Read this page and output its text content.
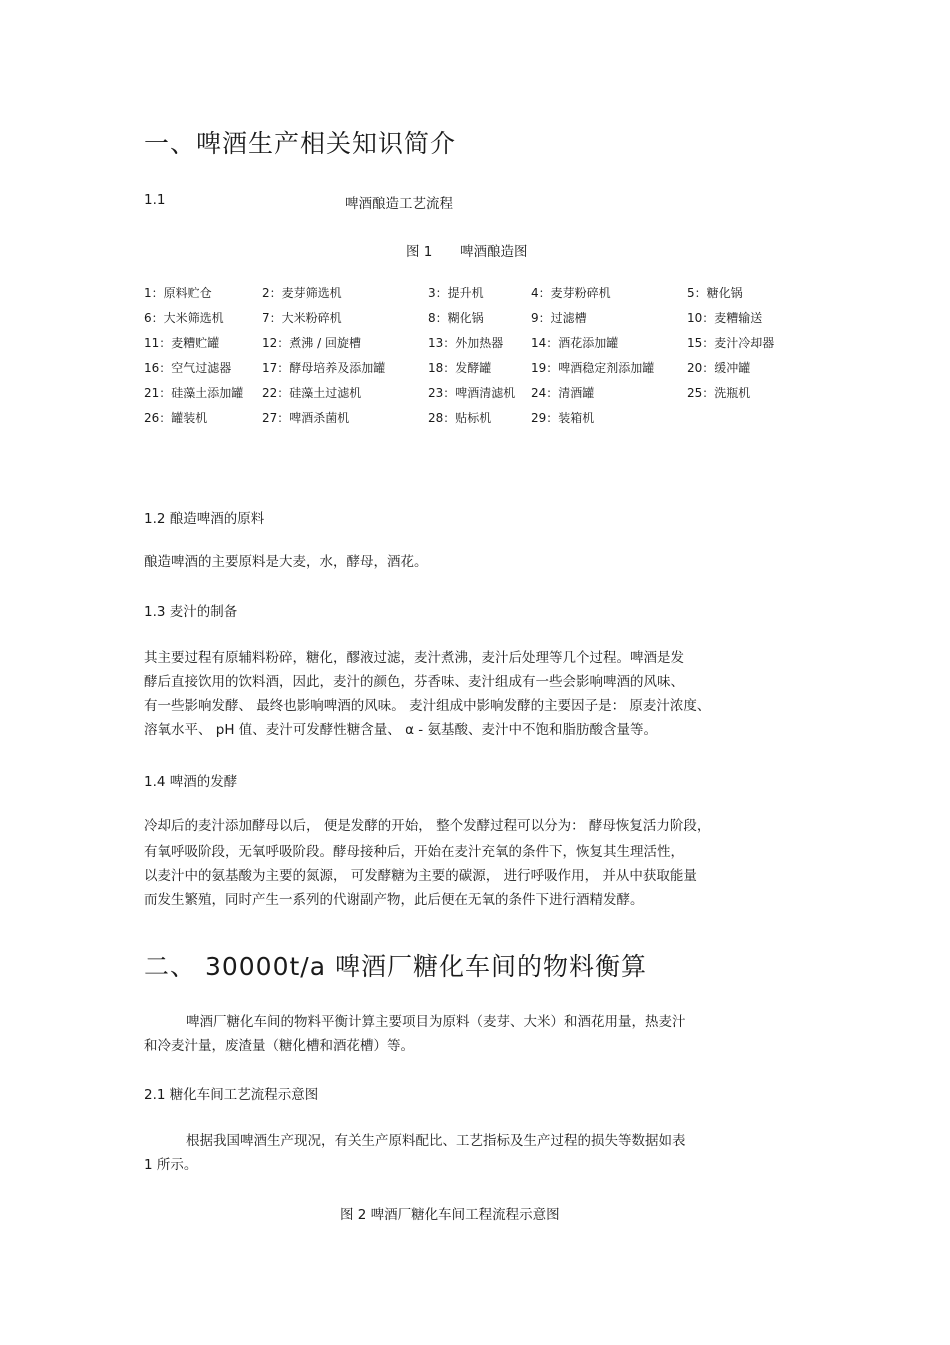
一、啤酒生产相关知识简介
1.1	啤酒酿造工艺流程
图 1 啤酒酿造图
1：原料贮仓	2：麦芽筛选机	3：提升机	4：麦芽粉碎机	5：糖化锅
6：大米筛选机	7：大米粉碎机	8：糊化锅	9：过滤槽	10：麦糟输送
11：麦糟贮罐	12：煮沸 / 回旋槽	13：外加热器 14：酒花添加罐	15：麦汁冷却器
16：空气过滤器	17：酵母培养及添加罐	18：发酵罐	19：啤酒稳定剂添加罐	20：缓冲罐
21：硅藻土添加罐 22：硅藻土过滤机	23：啤酒清滤机 24：清酒罐	25：洗瓶机
26：罐装机	27：啤酒杀菌机	28：贴标机	29：装箱机
1.2 酿造啤酒的原料
酿造啤酒的主要原料是大麦，水，酵母，酒花。
1.3 麦汁的制备
其主要过程有原辅料粉碎，糖化，醪液过滤，麦汁煮沸，麦汁后处理等几个过程。啤酒是发
酵后直接饮用的饮料酒，因此，麦汁的颜色，芬香味、麦汁组成有一些会影响啤酒的风味、
有一些影响发酵、 最终也影响啤酒的风味。 麦汁组成中影响发酵的主要因子是： 原麦汁浓度、
溶氧水平、 pH 值、麦汁可发酵性糖含量、 α - 氨基酸、麦汁中不饱和脂肪酸含量等。
1.4 啤酒的发酵
冷却后的麦汁添加酵母以后， 便是发酵的开始， 整个发酵过程可以分为： 酵母恢复活力阶段，
有氧呼吸阶段，无氧呼吸阶段。酵母接种后，开始在麦汁充氧的条件下，恢复其生理活性，
以麦汁中的氨基酸为主要的氮源， 可发酵糖为主要的碳源， 进行呼吸作用， 并从中获取能量
而发生繁殖，同时产生一系列的代谢副产物，此后便在无氧的条件下进行酒精发酵。
二、 30000t/a 啤酒厂糖化车间的物料衡算
啤酒厂糖化车间的物料平衡计算主要项目为原料（麦芽、大米）和酒花用量，热麦汁
和冷麦汁量，废渣量（糖化槽和酒花槽）等。
2.1 糖化车间工艺流程示意图
根据我国啤酒生产现况，有关生产原料配比、工艺指标及生产过程的损失等数据如表
1 所示。
图 2 啤酒厂糖化车间工程流程示意图
